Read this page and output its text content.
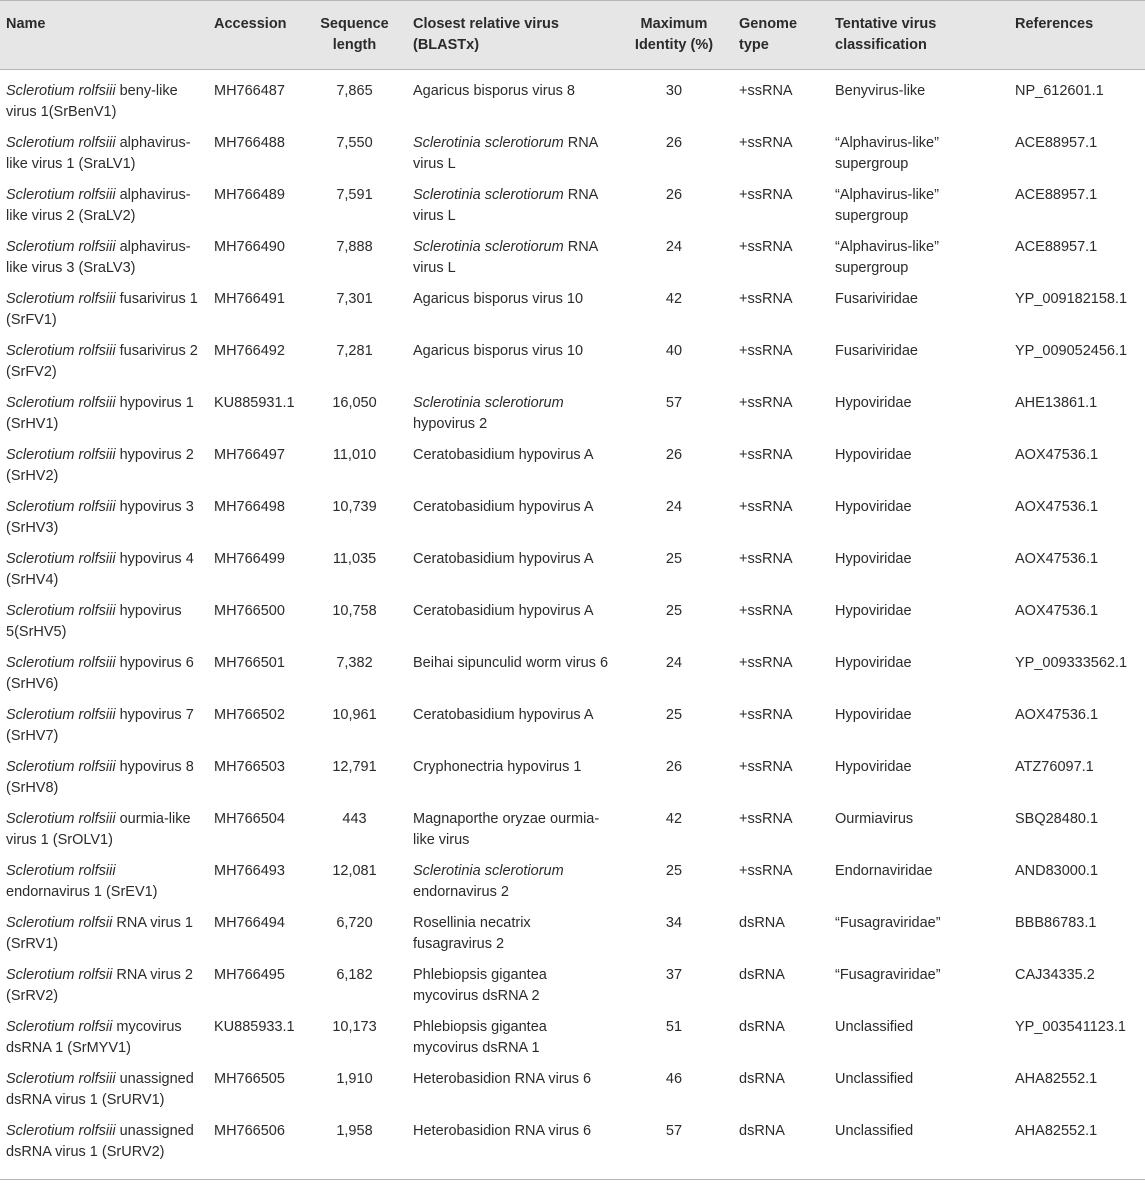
Name	Accession	Sequence length	Closest relative virus (BLASTx)	Maximum Identity (%)	Genome type	Tentative virus classification	References
Sclerotium rolfsiii beny-like virus 1(SrBenV1)	MH766487	7,865	Agaricus bisporus virus 8	30	+ssRNA	Benyvirus-like	NP_612601.1
Sclerotium rolfsiii alphavirus-like virus 1 (SraLV1)	MH766488	7,550	Sclerotinia sclerotiorum RNA virus L	26	+ssRNA	“Alphavirus-like” supergroup	ACE88957.1
Sclerotium rolfsiii alphavirus-like virus 2 (SraLV2)	MH766489	7,591	Sclerotinia sclerotiorum RNA virus L	26	+ssRNA	“Alphavirus-like” supergroup	ACE88957.1
Sclerotium rolfsiii alphavirus-like virus 3 (SraLV3)	MH766490	7,888	Sclerotinia sclerotiorum RNA virus L	24	+ssRNA	“Alphavirus-like” supergroup	ACE88957.1
Sclerotium rolfsiii fusarivirus 1 (SrFV1)	MH766491	7,301	Agaricus bisporus virus 10	42	+ssRNA	Fusariviridae	YP_009182158.1
Sclerotium rolfsiii fusarivirus 2 (SrFV2)	MH766492	7,281	Agaricus bisporus virus 10	40	+ssRNA	Fusariviridae	YP_009052456.1
Sclerotium rolfsiii hypovirus 1 (SrHV1)	KU885931.1	16,050	Sclerotinia sclerotiorum hypovirus 2	57	+ssRNA	Hypoviridae	AHE13861.1
Sclerotium rolfsiii hypovirus 2 (SrHV2)	MH766497	11,010	Ceratobasidium hypovirus A	26	+ssRNA	Hypoviridae	AOX47536.1
Sclerotium rolfsiii hypovirus 3 (SrHV3)	MH766498	10,739	Ceratobasidium hypovirus A	24	+ssRNA	Hypoviridae	AOX47536.1
Sclerotium rolfsiii hypovirus 4 (SrHV4)	MH766499	11,035	Ceratobasidium hypovirus A	25	+ssRNA	Hypoviridae	AOX47536.1
Sclerotium rolfsiii hypovirus 5(SrHV5)	MH766500	10,758	Ceratobasidium hypovirus A	25	+ssRNA	Hypoviridae	AOX47536.1
Sclerotium rolfsiii hypovirus 6 (SrHV6)	MH766501	7,382	Beihai sipunculid worm virus 6	24	+ssRNA	Hypoviridae	YP_009333562.1
Sclerotium rolfsiii hypovirus 7 (SrHV7)	MH766502	10,961	Ceratobasidium hypovirus A	25	+ssRNA	Hypoviridae	AOX47536.1
Sclerotium rolfsiii hypovirus 8 (SrHV8)	MH766503	12,791	Cryphonectria hypovirus 1	26	+ssRNA	Hypoviridae	ATZ76097.1
Sclerotium rolfsiii ourmia-like virus 1 (SrOLV1)	MH766504	443	Magnaporthe oryzae ourmia-like virus	42	+ssRNA	Ourmiavirus	SBQ28480.1
Sclerotium rolfsiii endornavirus 1 (SrEV1)	MH766493	12,081	Sclerotinia sclerotiorum endornavirus 2	25	+ssRNA	Endornaviridae	AND83000.1
Sclerotium rolfsii RNA virus 1 (SrRV1)	MH766494	6,720	Rosellinia necatrix fusagravirus 2	34	dsRNA	“Fusagraviridae”	BBB86783.1
Sclerotium rolfsii RNA virus 2 (SrRV2)	MH766495	6,182	Phlebiopsis gigantea mycovirus dsRNA 2	37	dsRNA	“Fusagraviridae”	CAJ34335.2
Sclerotium rolfsii mycovirus dsRNA 1 (SrMYV1)	KU885933.1	10,173	Phlebiopsis gigantea mycovirus dsRNA 1	51	dsRNA	Unclassified	YP_003541123.1
Sclerotium rolfsiii unassigned dsRNA virus 1 (SrURV1)	MH766505	1,910	Heterobasidion RNA virus 6	46	dsRNA	Unclassified	AHA82552.1
Sclerotium rolfsiii unassigned dsRNA virus 1 (SrURV2)	MH766506	1,958	Heterobasidion RNA virus 6	57	dsRNA	Unclassified	AHA82552.1
